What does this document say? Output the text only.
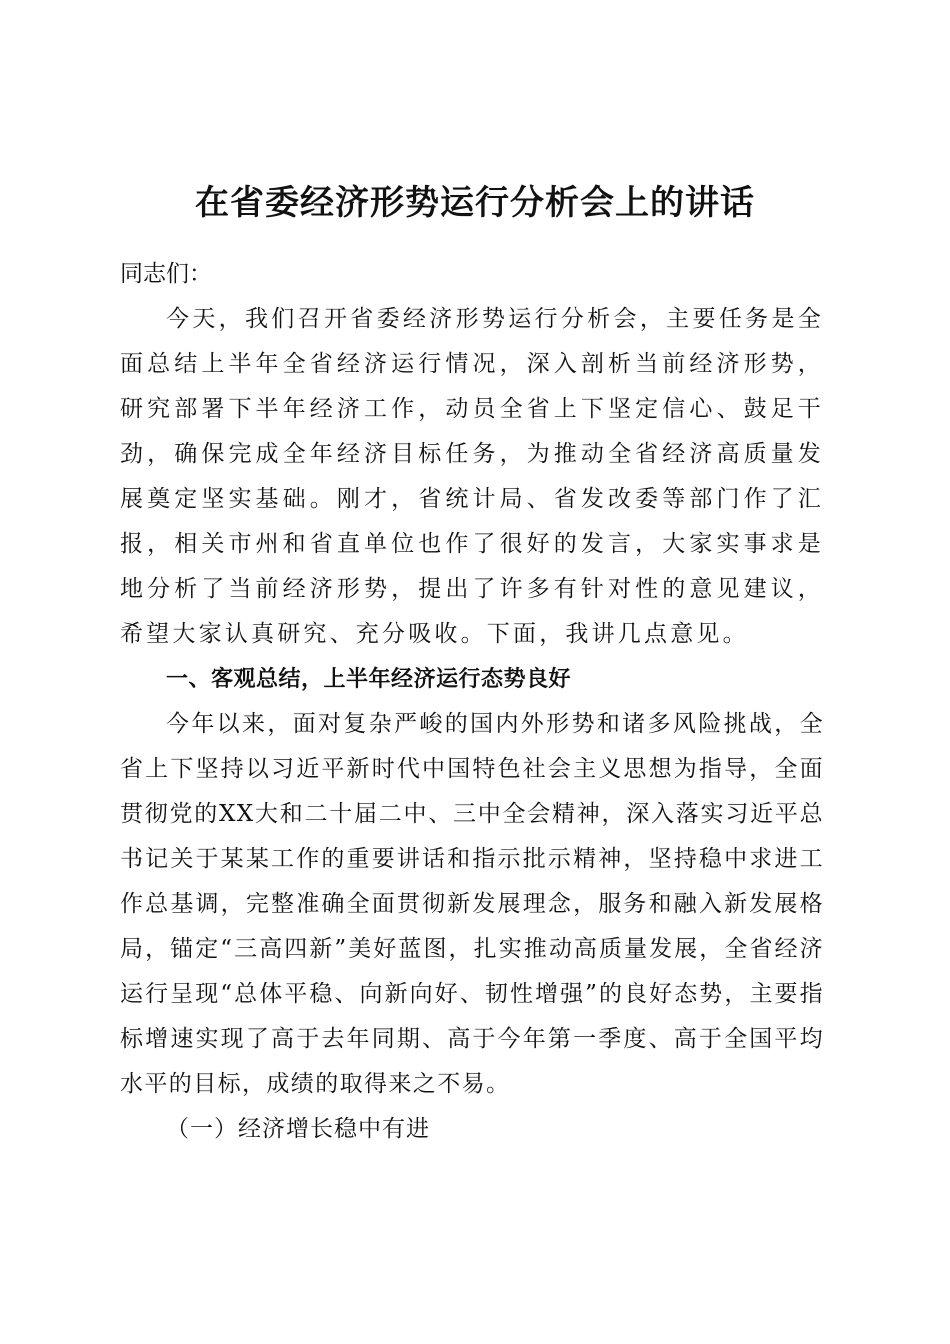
在省委经济形势运行分析会上的讲话

同志们：

今天，我们召开省委经济形势运行分析会，主要任务是全面总结上半年全省经济运行情况，深入剖析当前经济形势，研究部署下半年经济工作，动员全省上下坚定信心、鼓足干劲，确保完成全年经济目标任务，为推动全省经济高质量发展奠定坚实基础。刚才，省统计局、省发改委等部门作了汇报，相关市州和省直单位也作了很好的发言，大家实事求是地分析了当前经济形势，提出了许多有针对性的意见建议，希望大家认真研究、充分吸收。下面，我讲几点意见。

一、客观总结，上半年经济运行态势良好

今年以来，面对复杂严峻的国内外形势和诸多风险挑战，全省上下坚持以习近平新时代中国特色社会主义思想为指导，全面贯彻党的XX大和二十届二中、三中全会精神，深入落实习近平总书记关于某某工作的重要讲话和指示批示精神，坚持稳中求进工作总基调，完整准确全面贯彻新发展理念，服务和融入新发展格局，锚定“三高四新”美好蓝图，扎实推动高质量发展，全省经济运行呈现“总体平稳、向新向好、韧性增强”的良好态势，主要指标增速实现了高于去年同期、高于今年第一季度、高于全国平均水平的目标，成绩的取得来之不易。

（一）经济增长稳中有进
